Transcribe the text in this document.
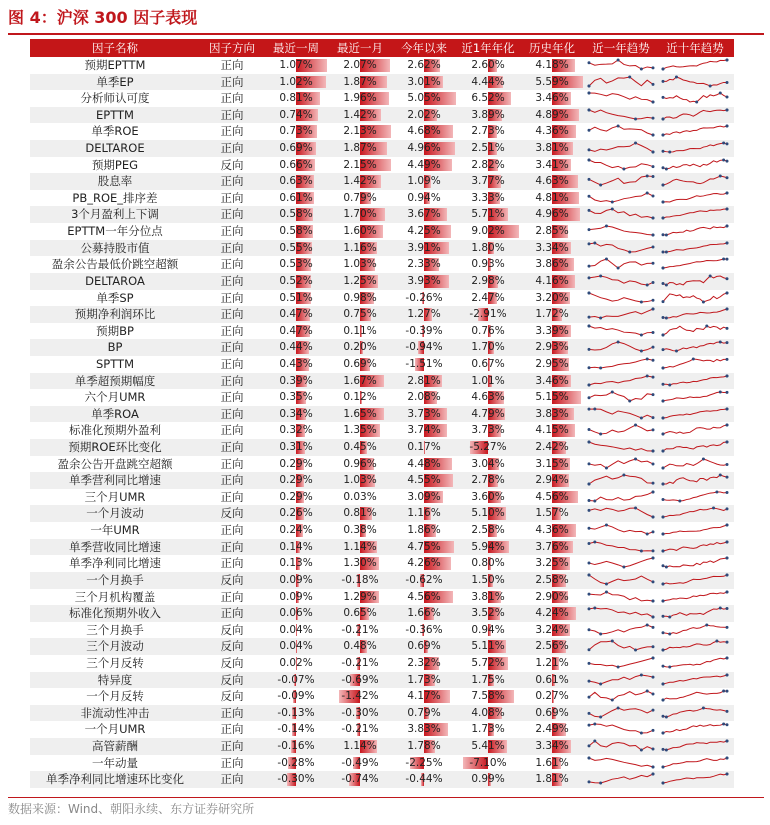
图 4：沪深 300 因子表现
因子名称	因子方向	最近一周	最近一月	今年以来	近1年年化	历史年化	近一年趋势	近十年趋势
预期EPTTM	正向	1.07%	2.07%	2.62%	2.60%	4.18%
单季EP	正向	1.02%	1.87%	3.01%	4.44%	5.59%
分析师认可度	正向	0.81%	1.96%	5.05%	6.52%	3.46%
EPTTM	正向	0.74%	1.42%	2.02%	3.89%	4.89%
单季ROE	正向	0.73%	2.13%	4.68%	2.73%	4.36%
DELTAROE	正向	0.69%	1.87%	4.96%	2.51%	3.81%
预期PEG	反向	0.66%	2.15%	4.49%	2.82%	3.41%
股息率	正向	0.63%	1.42%	1.09%	3.77%	4.63%
PB_ROE_排序差	正向	0.61%	0.79%	0.94%	3.33%	4.81%
3个月盈利上下调	正向	0.58%	1.70%	3.67%	5.71%	4.96%
EPTTM一年分位点	正向	0.58%	1.60%	4.25%	9.02%	2.85%
公募持股市值	正向	0.55%	1.16%	3.91%	1.80%	3.34%
盈余公告最低价跳空超额	正向	0.53%	1.03%	2.33%	0.93%	3.86%
DELTAROA	正向	0.52%	1.25%	3.93%	2.98%	4.16%
单季SP	正向	0.51%	0.98%	-0.26%	2.47%	3.20%
预期净利润环比	正向	0.47%	0.75%	1.27%	-2.91%	1.72%
预期BP	正向	0.47%	0.11%	-0.39%	0.76%	3.39%
BP	正向	0.44%	0.20%	-0.94%	1.70%	2.93%
SPTTM	正向	0.43%	0.69%	-1.51%	0.67%	2.95%
单季超预期幅度	正向	0.39%	1.67%	2.81%	1.01%	3.46%
六个月UMR	正向	0.35%	0.12%	2.08%	4.63%	5.15%
单季ROA	正向	0.34%	1.65%	3.73%	4.79%	3.83%
标准化预期外盈利	正向	0.32%	1.35%	3.74%	3.73%	4.15%
预期ROE环比变化	正向	0.31%	0.45%	0.17%	-5.27%	2.42%
盈余公告开盘跳空超额	正向	0.29%	0.96%	4.48%	3.04%	3.15%
单季营利同比增速	正向	0.29%	1.03%	4.55%	2.78%	2.94%
三个月UMR	正向	0.29%	0.03%	3.09%	3.60%	4.56%
一个月波动	反向	0.26%	0.81%	1.16%	5.10%	1.57%
一年UMR	正向	0.24%	0.38%	1.86%	2.58%	4.36%
单季营收同比增速	正向	0.14%	1.14%	4.75%	5.94%	3.76%
单季净利同比增速	正向	0.13%	1.30%	4.26%	0.80%	3.25%
一个月换手	反向	0.09%	-0.18%	-0.62%	1.50%	2.58%
三个月机构覆盖	正向	0.09%	1.29%	4.56%	3.81%	2.90%
标准化预期外收入	正向	0.06%	0.65%	1.66%	3.52%	4.24%
三个月换手	反向	0.04%	-0.21%	-0.36%	0.94%	3.24%
三个月波动	反向	0.04%	0.48%	0.69%	5.11%	2.56%
三个月反转	反向	0.02%	-0.21%	2.32%	5.72%	1.21%
特异度	反向	-0.07%	-0.69%	1.73%	1.75%	0.61%
一个月反转	反向	-0.09%	-1.42%	4.17%	7.58%	0.27%
非流动性冲击	正向	-0.13%	-0.30%	0.79%	4.08%	0.69%
一个月UMR	正向	-0.14%	-0.21%	3.83%	1.73%	2.49%
高管薪酬	正向	-0.16%	1.14%	1.78%	5.41%	3.34%
一年动量	正向	-0.28%	-0.49%	-2.25%	-7.10%	1.61%
单季净利同比增速环比变化	正向	-0.30%	-0.74%	-0.44%	0.99%	1.81%
数据来源：Wind、朝阳永续、东方证券研究所
